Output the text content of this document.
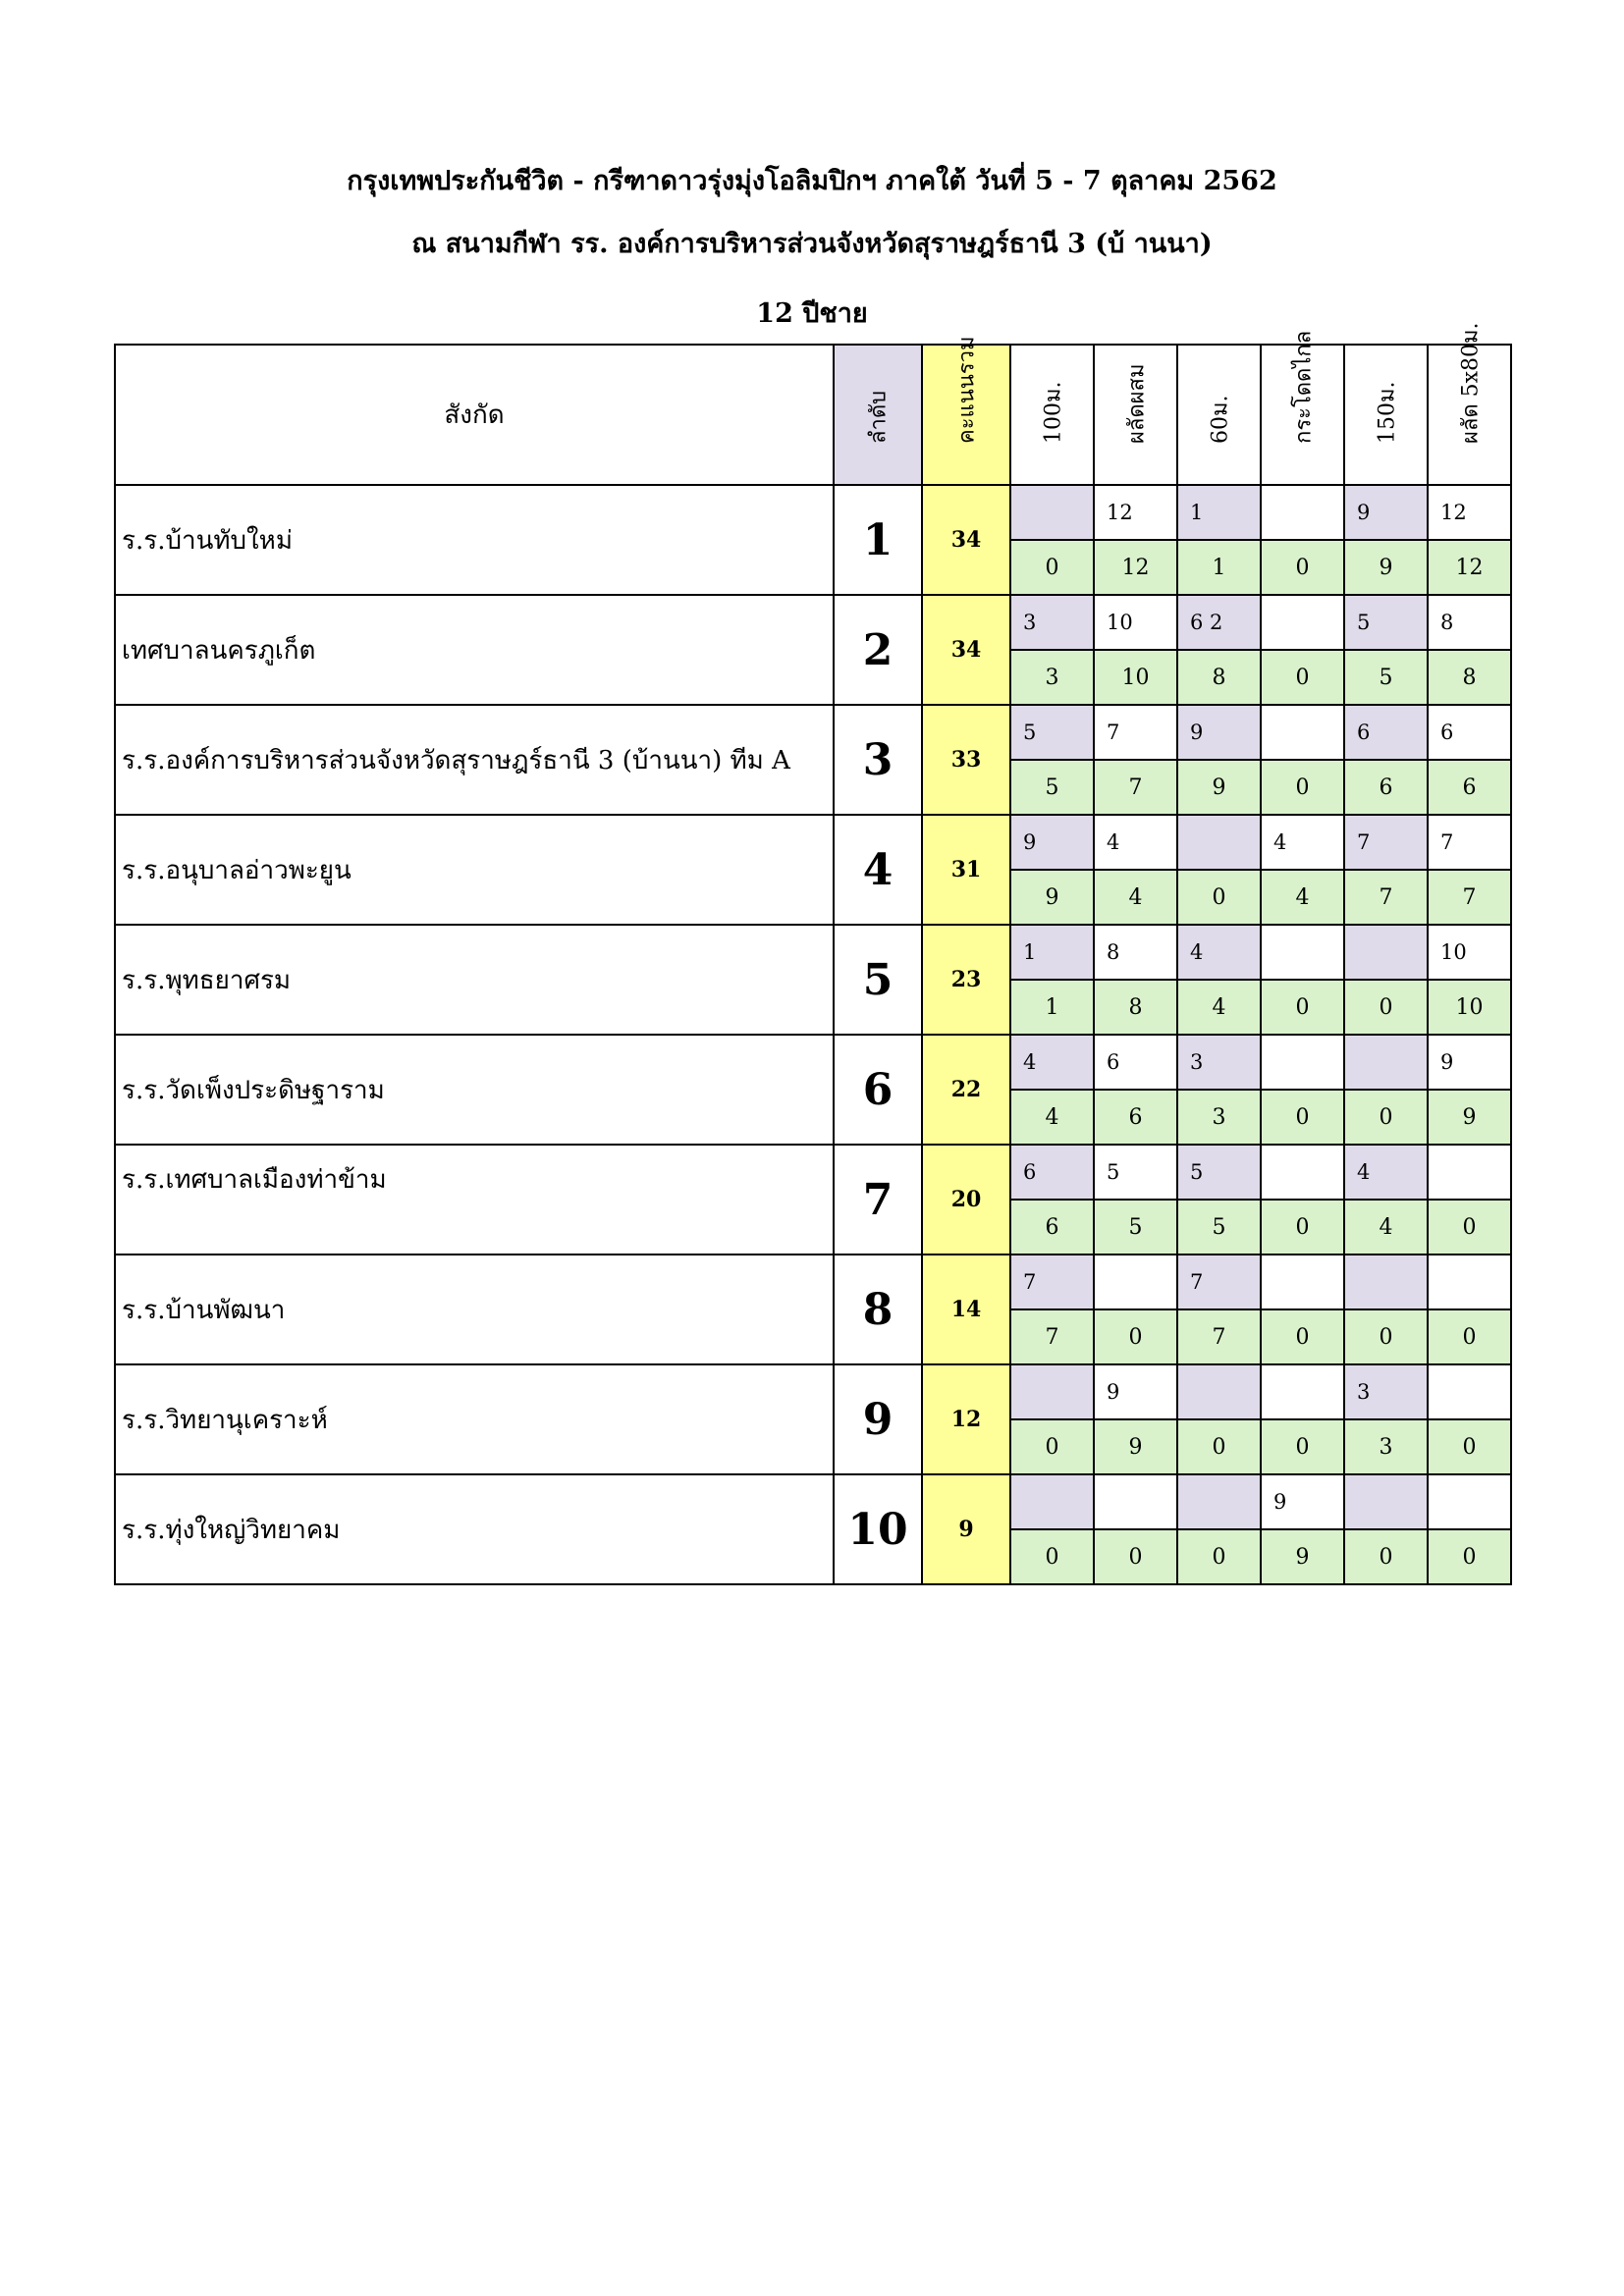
กรุงเทพประกันชีวิต - กรีฑาดาวรุ่งมุ่งโอลิมปิกฯ ภาคใต้ วันที่ 5 - 7 ตุลาคม 2562
ณ สนามกีฬา รร. องค์การบริหารส่วนจังหวัดสุราษฎร์ธานี 3 (บ้ านนา)
12 ปีชาย
สังกัด	ลำดับ	คะแนนรวม	100ม.	ผลัดผสม	60ม.	กระโดดไกล	150ม.	ผลัด 5x80ม.

ร.ร.บ้านทับใหม่	1	34		12	1		9	12
			0	12	1	0	9	12
เทศบาลนครภูเก็ต	2	34	3	10	6 2		5	8
			3	10	8	0	5	8
ร.ร.องค์การบริหารส่วนจังหวัดสุราษฎร์ธานี 3 (บ้านนา) ทีม A	3	33	5	7	9		6	6
			5	7	9	0	6	6
ร.ร.อนุบาลอ่าวพะยูน	4	31	9	4		4	7	7
			9	4	0	4	7	7
ร.ร.พุทธยาศรม	5	23	1	8	4			10
			1	8	4	0	0	10
ร.ร.วัดเพ็งประดิษฐาราม	6	22	4	6	3			9
			4	6	3	0	0	9
ร.ร.เทศบาลเมืองท่าข้าม	7	20	6	5	5		4	
			6	5	5	0	4	0
ร.ร.บ้านพัฒนา	8	14	7		7			
			7	0	7	0	0	0
ร.ร.วิทยานุเคราะห์	9	12		9			3	
			0	9	0	0	3	0
ร.ร.ทุ่งใหญ่วิทยาคม	10	9				9		
			0	0	0	9	0	0
